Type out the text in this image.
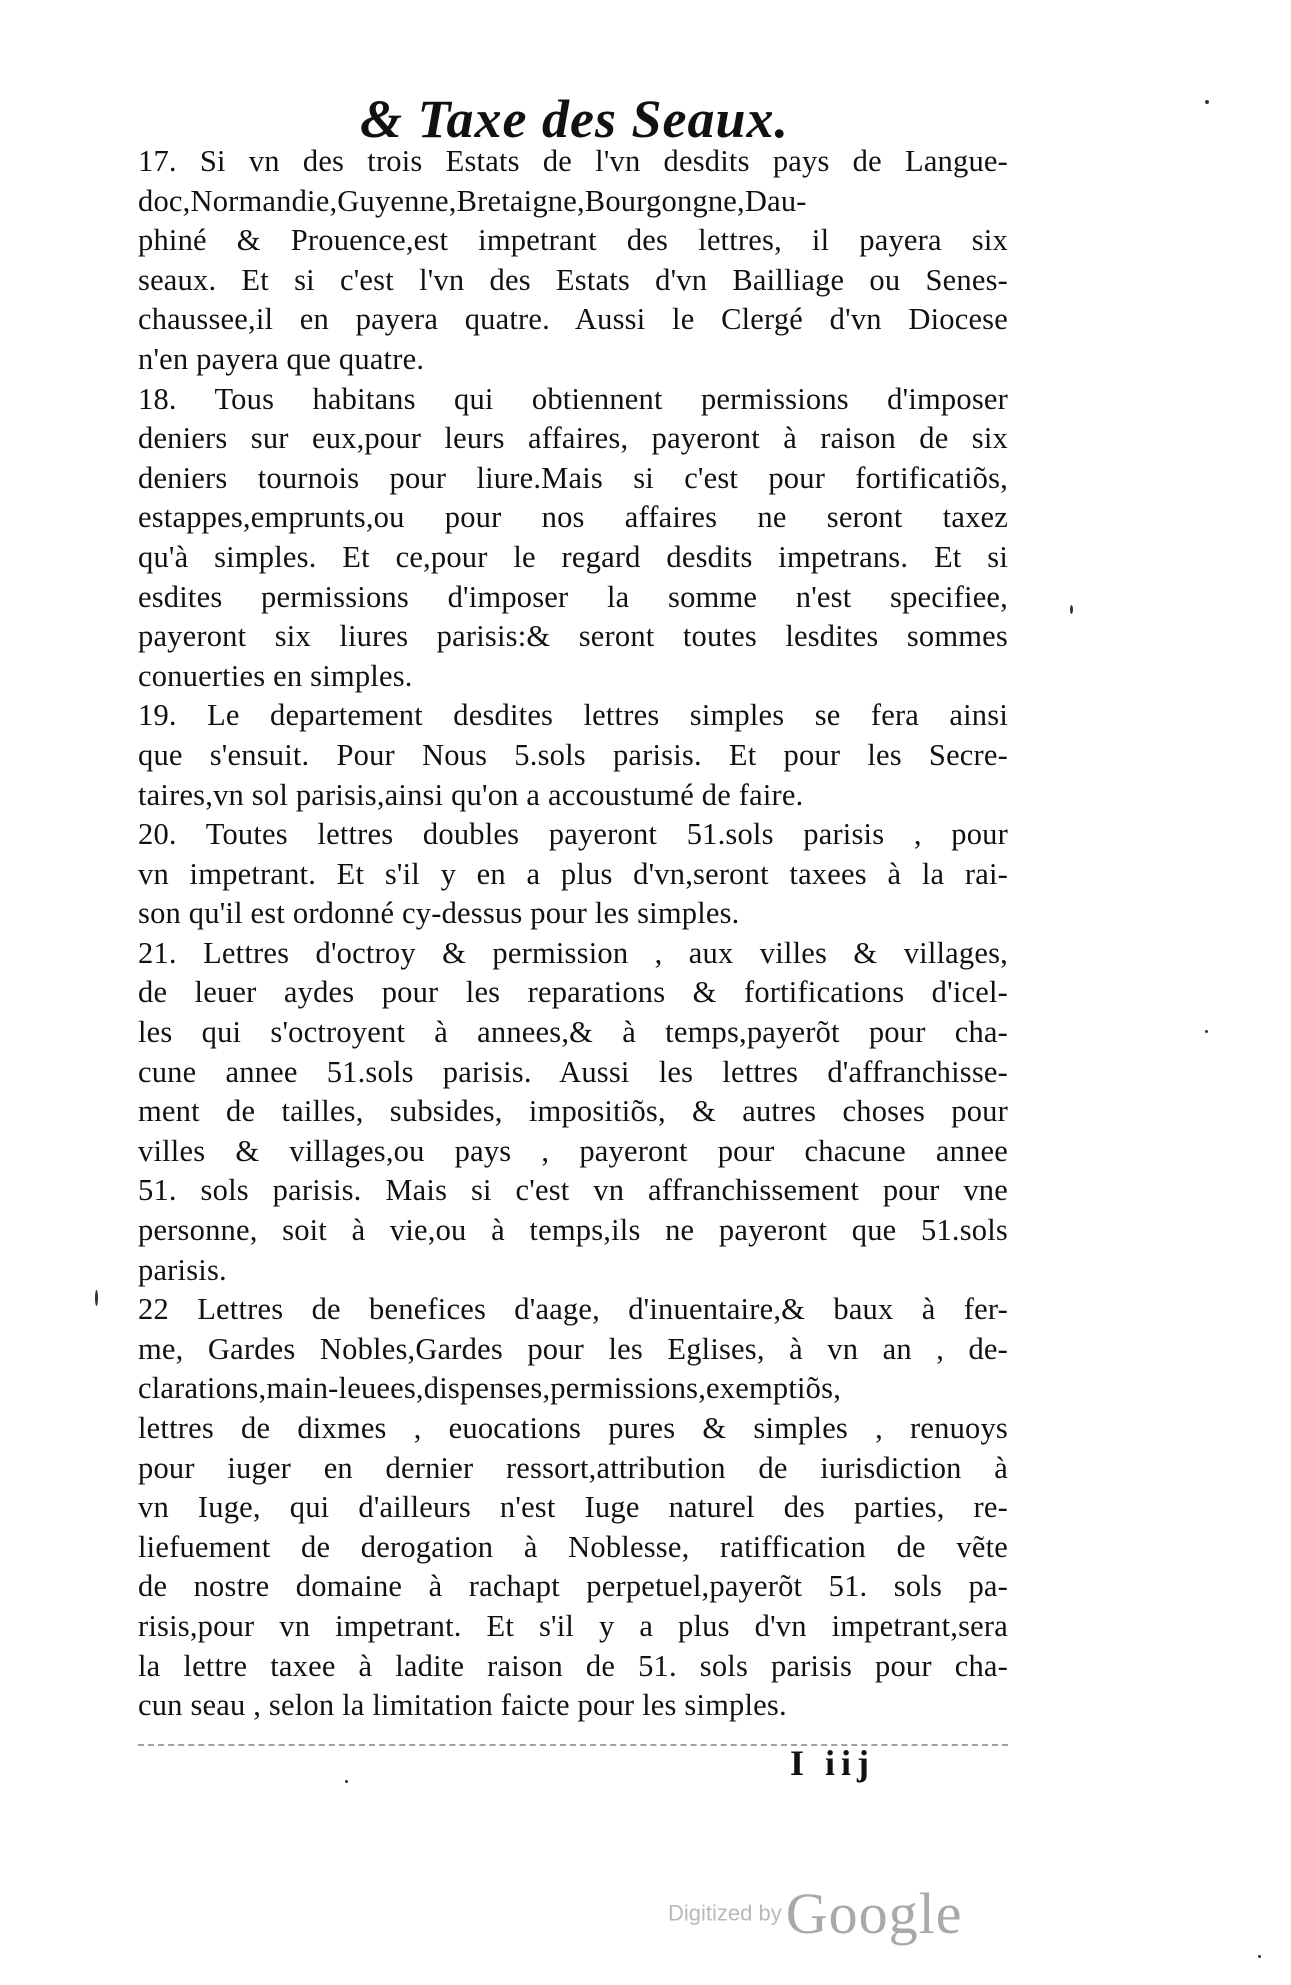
& Taxe des Seaux.
17. Si vn des trois Estats de l'vn desdits pays de Langue-
doc,Normandie,Guyenne,Bretaigne,Bourgongne,Dau-
phiné & Prouence,est impetrant des lettres, il payera six
seaux. Et si c'est l'vn des Estats d'vn Bailliage ou Senes-
chaussee,il en payera quatre. Aussi le Clergé d'vn Diocese
n'en payera que quatre.
18. Tous habitans qui obtiennent permissions d'imposer
deniers sur eux,pour leurs affaires, payeront à raison de six
deniers tournois pour liure.Mais si c'est pour fortificatiõs,
estappes,emprunts,ou pour nos affaires ne seront taxez
qu'à simples. Et ce,pour le regard desdits impetrans. Et si
esdites permissions d'imposer la somme n'est specifiee,
payeront six liures parisis:& seront toutes lesdites sommes
conuerties en simples.
19. Le departement desdites lettres simples se fera ainsi
que s'ensuit. Pour Nous 5.sols parisis. Et pour les Secre-
taires,vn sol parisis,ainsi qu'on a accoustumé de faire.
20. Toutes lettres doubles payeront 51.sols parisis , pour
vn impetrant. Et s'il y en a plus d'vn,seront taxees à la rai-
son qu'il est ordonné cy-dessus pour les simples.
21. Lettres d'octroy & permission , aux villes & villages,
de leuer aydes pour les reparations & fortifications d'icel-
les qui s'octroyent à annees,& à temps,payerõt pour cha-
cune annee 51.sols parisis. Aussi les lettres d'affranchisse-
ment de tailles, subsides, impositiõs, & autres choses pour
villes & villages,ou pays , payeront pour chacune annee
51. sols parisis. Mais si c'est vn affranchissement pour vne
personne, soit à vie,ou à temps,ils ne payeront que 51.sols
parisis.
22 Lettres de benefices d'aage, d'inuentaire,& baux à fer-
me, Gardes Nobles,Gardes pour les Eglises, à vn an , de-
clarations,main-leuees,dispenses,permissions,exemptiõs,
lettres de dixmes , euocations pures & simples , renuoys
pour iuger en dernier ressort,attribution de iurisdiction à
vn Iuge, qui d'ailleurs n'est Iuge naturel des parties, re-
liefuement de derogation à Noblesse, ratiffication de vẽte
de nostre domaine à rachapt perpetuel,payerõt 51. sols pa-
risis,pour vn impetrant. Et s'il y a plus d'vn impetrant,sera
la lettre taxee à ladite raison de 51. sols parisis pour cha-
cun seau , selon la limitation faicte pour les simples.
I iij
Digitized by Google
